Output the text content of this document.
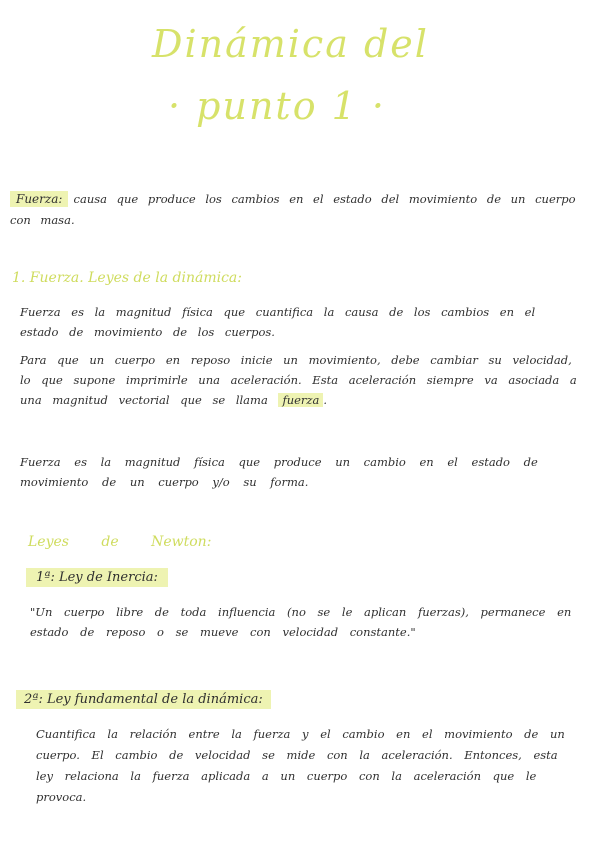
Dinámica del
· punto 1 ·
Fuerza: causa que produce los cambios en el estado del movimiento de un cuerpo con masa.
1. Fuerza. Leyes de la dinámica:
Fuerza es la magnitud física que cuantifica la causa de los cambios en el estado de movimiento de los cuerpos.
Para que un cuerpo en reposo inicie un movimiento, debe cambiar su velocidad, lo que supone imprimirle una aceleración. Esta aceleración siempre va asociada a una magnitud vectorial que se llama fuerza .
Fuerza es la magnitud física que produce un cambio en el estado de movimiento de un cuerpo y/o su forma.
Leyes de Newton:
1ª: Ley de Inercia:
"Un cuerpo libre de toda influencia (no se le aplican fuerzas), permanece en estado de reposo o se mueve con velocidad constante."
2ª: Ley fundamental de la dinámica:
Cuantifica la relación entre la fuerza y el cambio en el movimiento de un cuerpo. El cambio de velocidad se mide con la aceleración. Entonces, esta ley relaciona la fuerza aplicada a un cuerpo con la aceleración que le provoca.
